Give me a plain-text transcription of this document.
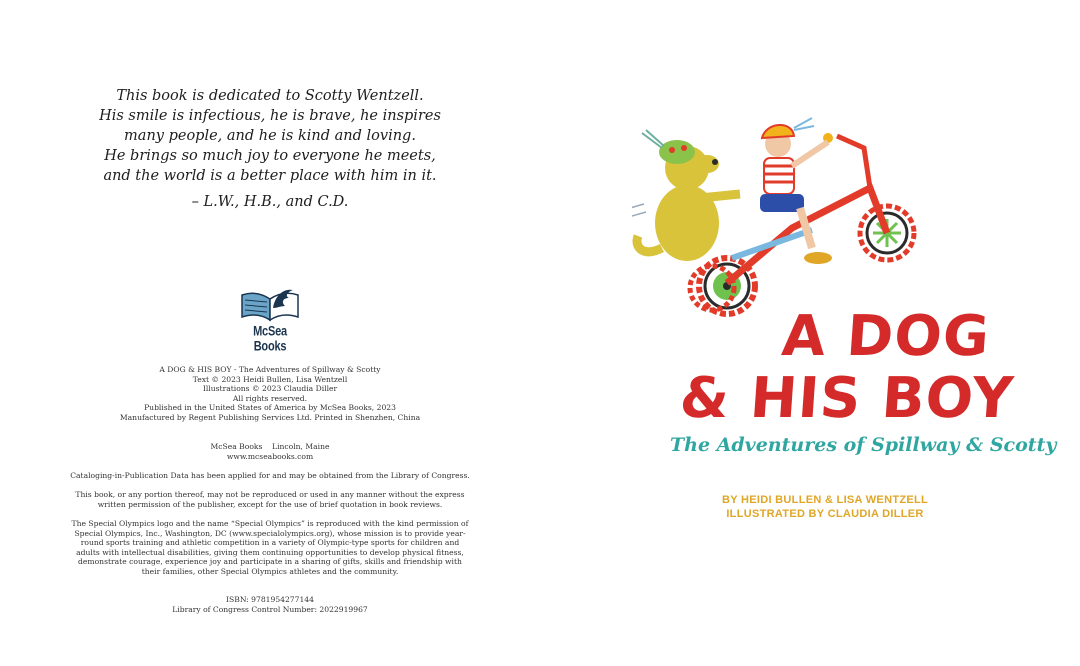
This book is dedicated to Scotty Wentzell.
His smile is infectious, he is brave, he inspires
many people, and he is kind and loving.
He brings so much joy to everyone he meets,
and the world is a better place with him in it.
– L.W., H.B., and C.D.
McSea Books
A DOG & HIS BOY - The Adventures of Spillway & Scotty
Text © 2023 Heidi Bullen, Lisa Wentzell
Illustrations © 2023 Claudia Diller
All rights reserved.
Published in the United States of America by McSea Books, 2023
Manufactured by Regent Publishing Services Ltd. Printed in Shenzhen, China
McSea Books    Lincoln, Maine
www.mcseabooks.com
Cataloging-in-Publication Data has been applied for and may be obtained from the Library of Congress.

This book, or any portion thereof, may not be reproduced or used in any manner without the express written permission of the publisher, except for the use of brief quotation in book reviews.

The Special Olympics logo and the name “Special Olympics” is reproduced with the kind permission of Special Olympics, Inc., Washington, DC (www.specialolympics.org), whose mission is to provide year-round sports training and athletic competition in a variety of Olympic-type sports for children and adults with intellectual disabilities, giving them continuing opportunities to develop physical fitness, demonstrate courage, experience joy and participate in a sharing of gifts, skills and friendship with their families, other Special Olympics athletes and the community.

ISBN: 9781954277144
Library of Congress Control Number: 2022919967
A DOG
& HIS BOY
The Adventures of Spillway & Scotty
BY HEIDI BULLEN & LISA WENTZELL
ILLUSTRATED BY CLAUDIA DILLER
